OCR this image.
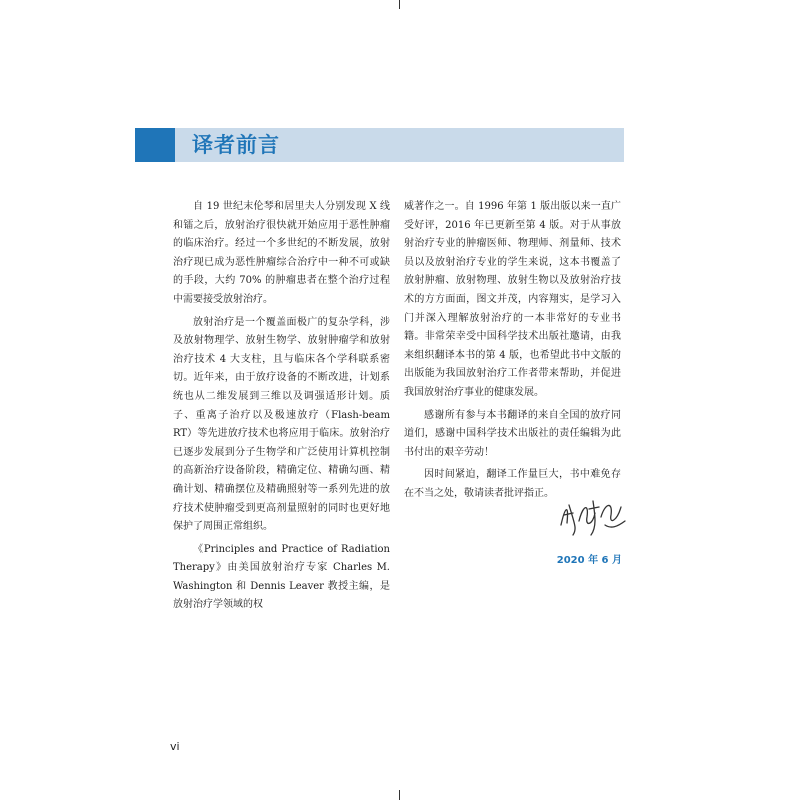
译者前言

自 19 世纪末伦琴和居里夫人分别发现 X 线和镭之后，放射治疗很快就开始应用于恶性肿瘤的临床治疗。经过一个多世纪的不断发展，放射治疗现已成为恶性肿瘤综合治疗中一种不可或缺的手段，大约 70% 的肿瘤患者在整个治疗过程中需要接受放射治疗。

放射治疗是一个覆盖面极广的复杂学科，涉及放射物理学、放射生物学、放射肿瘤学和放射治疗技术 4 大支柱，且与临床各个学科联系密切。近年来，由于放疗设备的不断改进，计划系统也从二维发展到三维以及调强适形计划。质子、重离子治疗以及极速放疗（Flash-beam RT）等先进放疗技术也将应用于临床。放射治疗已逐步发展到分子生物学和广泛使用计算机控制的高新治疗设备阶段，精确定位、精确勾画、精确计划、精确摆位及精确照射等一系列先进的放疗技术使肿瘤受到更高剂量照射的同时也更好地保护了周围正常组织。

《Principles and Practice of Radiation Therapy》由美国放射治疗专家 Charles M. Washington 和 Dennis Leaver 教授主编，是放射治疗学领域的权

威著作之一。自 1996 年第 1 版出版以来一直广受好评，2016 年已更新至第 4 版。对于从事放射治疗专业的肿瘤医师、物理师、剂量师、技术员以及放射治疗专业的学生来说，这本书覆盖了放射肿瘤、放射物理、放射生物以及放射治疗技术的方方面面，图文并茂，内容翔实，是学习入门并深入理解放射治疗的一本非常好的专业书籍。非常荣幸受中国科学技术出版社邀请，由我来组织翻译本书的第 4 版，也希望此书中文版的出版能为我国放射治疗工作者带来帮助，并促进我国放射治疗事业的健康发展。

感谢所有参与本书翻译的来自全国的放疗同道们，感谢中国科学技术出版社的责任编辑为此书付出的艰辛劳动！

因时间紧迫，翻译工作量巨大，书中难免存在不当之处，敬请读者批评指正。

2020 年 6 月
vi
